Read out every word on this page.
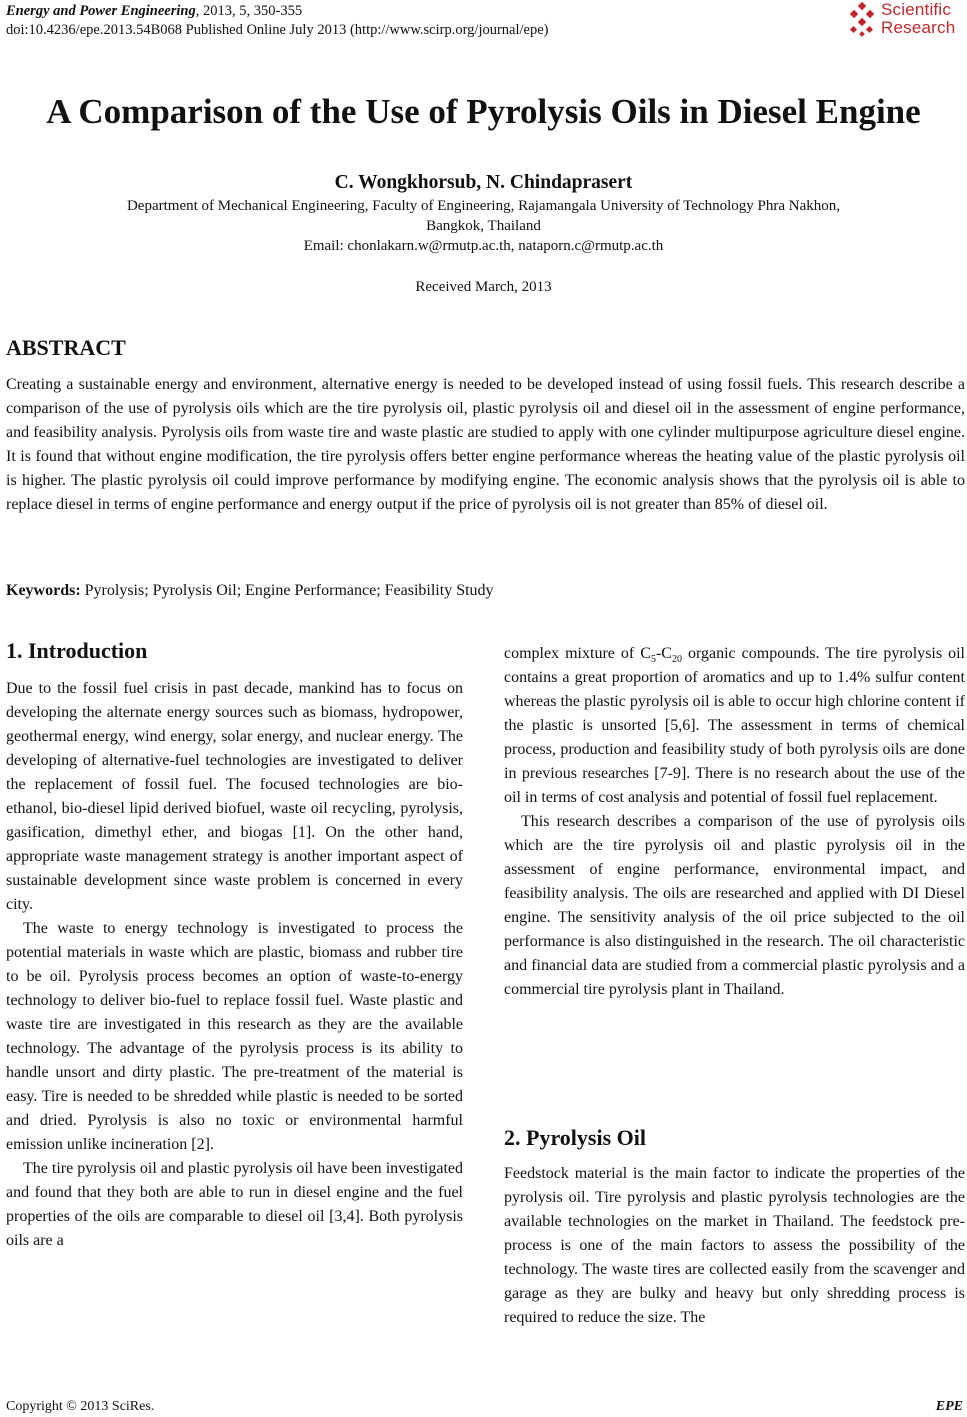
Energy and Power Engineering, 2013, 5, 350-355
doi:10.4236/epe.2013.54B068 Published Online July 2013 (http://www.scirp.org/journal/epe)
Scientific
Research
A Comparison of the Use of Pyrolysis Oils in Diesel Engine
C. Wongkhorsub, N. Chindaprasert
Department of Mechanical Engineering, Faculty of Engineering, Rajamangala University of Technology Phra Nakhon,
Bangkok, Thailand
Email: chonlakarn.w@rmutp.ac.th, nataporn.c@rmutp.ac.th
Received March, 2013
ABSTRACT
Creating a sustainable energy and environment, alternative energy is needed to be developed instead of using fossil fuels. This research describe a comparison of the use of pyrolysis oils which are the tire pyrolysis oil, plastic pyrolysis oil and diesel oil in the assessment of engine performance, and feasibility analysis. Pyrolysis oils from waste tire and waste plastic are studied to apply with one cylinder multipurpose agriculture diesel engine. It is found that without engine modification, the tire pyrolysis offers better engine performance whereas the heating value of the plastic pyrolysis oil is higher. The plastic pyrolysis oil could improve performance by modifying engine. The economic analysis shows that the pyrolysis oil is able to replace diesel in terms of engine performance and energy output if the price of pyrolysis oil is not greater than 85% of diesel oil.
Keywords: Pyrolysis; Pyrolysis Oil; Engine Performance; Feasibility Study
1. Introduction

Due to the fossil fuel crisis in past decade, mankind has to focus on developing the alternate energy sources such as biomass, hydropower, geothermal energy, wind energy, solar energy, and nuclear energy. The developing of alternative-fuel technologies are investigated to deliver the replacement of fossil fuel. The focused technologies are bio-ethanol, bio-diesel lipid derived biofuel, waste oil recycling, pyrolysis, gasification, dimethyl ether, and biogas [1]. On the other hand, appropriate waste management strategy is another important aspect of sustainable development since waste problem is concerned in every city.

The waste to energy technology is investigated to process the potential materials in waste which are plastic, biomass and rubber tire to be oil. Pyrolysis process becomes an option of waste-to-energy technology to deliver bio-fuel to replace fossil fuel. Waste plastic and waste tire are investigated in this research as they are the available technology. The advantage of the pyrolysis process is its ability to handle unsort and dirty plastic. The pre-treatment of the material is easy. Tire is needed to be shredded while plastic is needed to be sorted and dried. Pyrolysis is also no toxic or environmental harmful emission unlike incineration [2].

The tire pyrolysis oil and plastic pyrolysis oil have been investigated and found that they both are able to run in diesel engine and the fuel properties of the oils are comparable to diesel oil [3,4]. Both pyrolysis oils are a

complex mixture of $C_5-C_{20}$ organic compounds. The tire pyrolysis oil contains a great proportion of aromatics and up to 1.4% sulfur content whereas the plastic pyrolysis oil is able to occur high chlorine content if the plastic is unsorted [5,6]. The assessment in terms of chemical process, production and feasibility study of both pyrolysis oils are done in previous researches [7-9]. There is no research about the use of the oil in terms of cost analysis and potential of fossil fuel replacement.

This research describes a comparison of the use of pyrolysis oils which are the tire pyrolysis oil and plastic pyrolysis oil in the assessment of engine performance, environmental impact, and feasibility analysis. The oils are researched and applied with DI Diesel engine. The sensitivity analysis of the oil price subjected to the oil performance is also distinguished in the research. The oil characteristic and financial data are studied from a commercial plastic pyrolysis and a commercial tire pyrolysis plant in Thailand.

2. Pyrolysis Oil

Feedstock material is the main factor to indicate the properties of the pyrolysis oil. Tire pyrolysis and plastic pyrolysis technologies are the available technologies on the market in Thailand. The feedstock pre-process is one of the main factors to assess the possibility of the technology. The waste tires are collected easily from the scavenger and garage as they are bulky and heavy but only shredding process is required to reduce the size. The

Copyright © 2013 SciRes.	EPE
